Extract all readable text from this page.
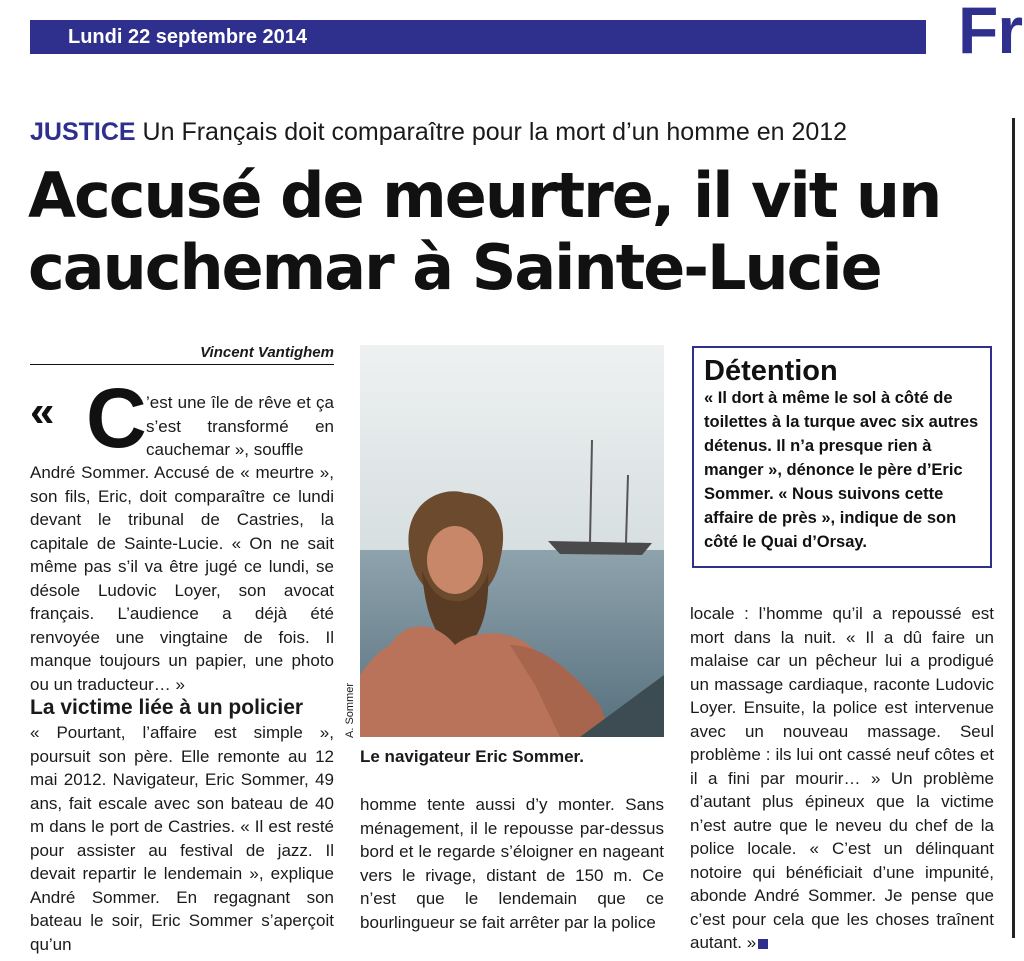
Lundi 22 septembre 2014	Fr
JUSTICE Un Français doit comparaître pour la mort d’un homme en 2012
Accusé de meurtre, il vit un cauchemar à Sainte-Lucie
Vincent Vantighem
« C ’est une île de rêve et ça s’est transformé en cauchemar », souffle
André Sommer. Accusé de « meurtre », son fils, Eric, doit comparaître ce lundi devant le tribunal de Castries, la capitale de Sainte-Lucie. « On ne sait même pas s’il va être jugé ce lundi, se désole Ludovic Loyer, son avocat français. L’audience a déjà été renvoyée une vingtaine de fois. Il manque toujours un papier, une photo ou un traducteur… »
La victime liée à un policier
« Pourtant, l’affaire est simple », poursuit son père. Elle remonte au 12 mai 2012. Navigateur, Eric Sommer, 49 ans, fait escale avec son bateau de 40 m dans le port de Castries. « Il est resté pour assister au festival de jazz. Il devait repartir le lendemain », explique André Sommer. En regagnant son bateau le soir, Eric Sommer s’aperçoit qu’un
A. Sommer
Le navigateur Eric Sommer.
homme tente aussi d’y monter. Sans ménagement, il le repousse par-dessus bord et le regarde s’éloigner en nageant vers le rivage, distant de 150 m. Ce n’est que le lendemain que ce bourlingueur se fait arrêter par la police
Détention
« Il dort à même le sol à côté de toilettes à la turque avec six autres détenus. Il n’a presque rien à manger », dénonce le père d’Eric Sommer. « Nous suivons cette affaire de près », indique de son côté le Quai d’Orsay.
locale : l’homme qu’il a repoussé est mort dans la nuit. « Il a dû faire un malaise car un pêcheur lui a prodigué un massage cardiaque, raconte Ludovic Loyer. Ensuite, la police est intervenue avec un nouveau massage. Seul problème : ils lui ont cassé neuf côtes et il a fini par mourir… » Un problème d’autant plus épineux que la victime n’est autre que le neveu du chef de la police locale. « C’est un délinquant notoire qui bénéficiait d’une impunité, abonde André Sommer. Je pense que c’est pour cela que les choses traînent autant. »
